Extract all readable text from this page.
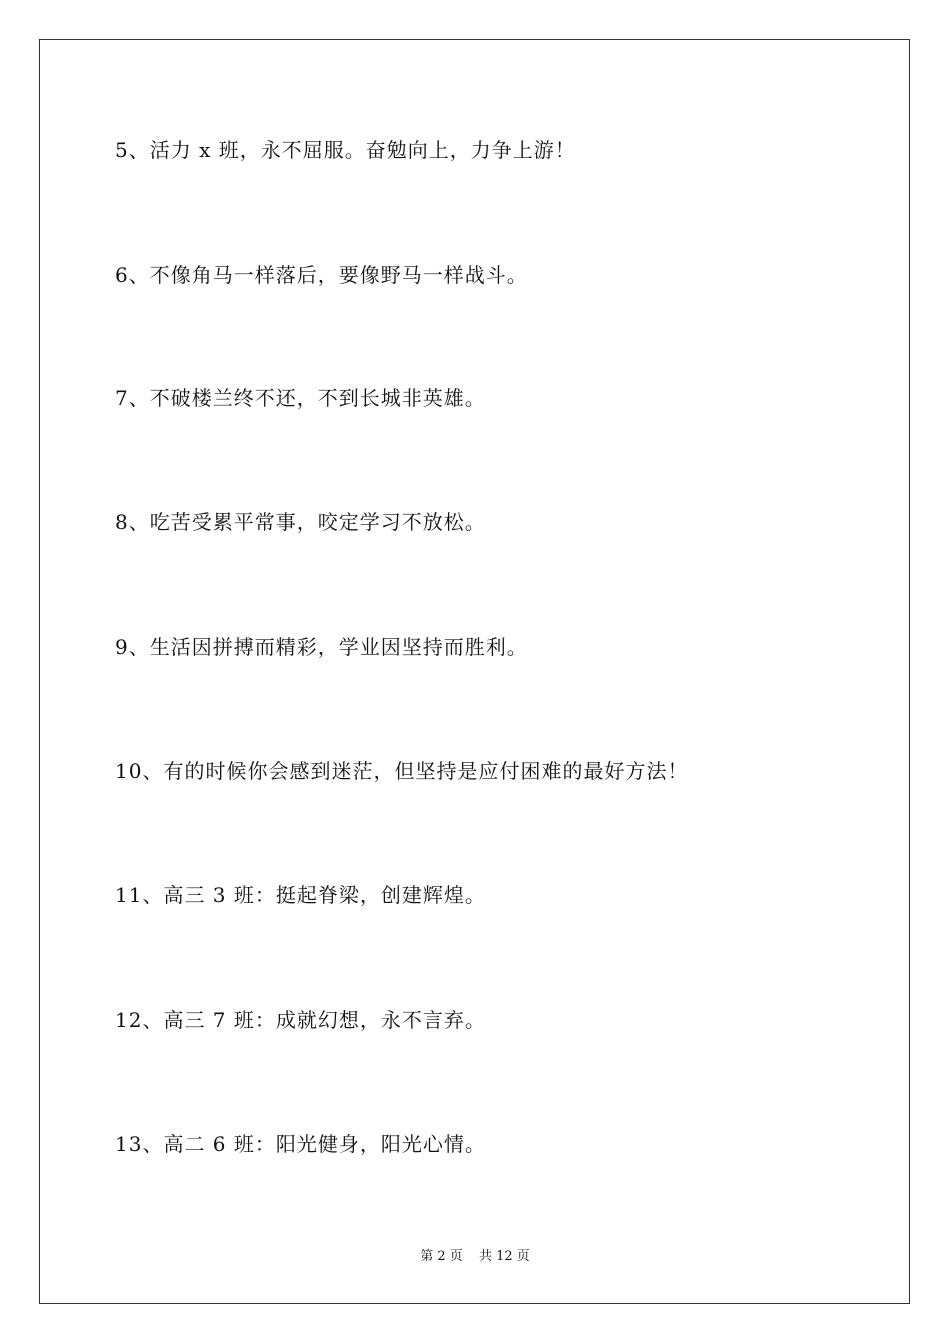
5、活力 x 班，永不屈服。奋勉向上，力争上游！
6、不像角马一样落后，要像野马一样战斗。
7、不破楼兰终不还，不到长城非英雄。
8、吃苦受累平常事，咬定学习不放松。
9、生活因拼搏而精彩，学业因坚持而胜利。
10、有的时候你会感到迷茫，但坚持是应付困难的最好方法！
11、高三 3 班：挺起脊梁，创建辉煌。
12、高三 7 班：成就幻想，永不言弃。
13、高二 6 班：阳光健身，阳光心情。
第 2 页 共 12 页
